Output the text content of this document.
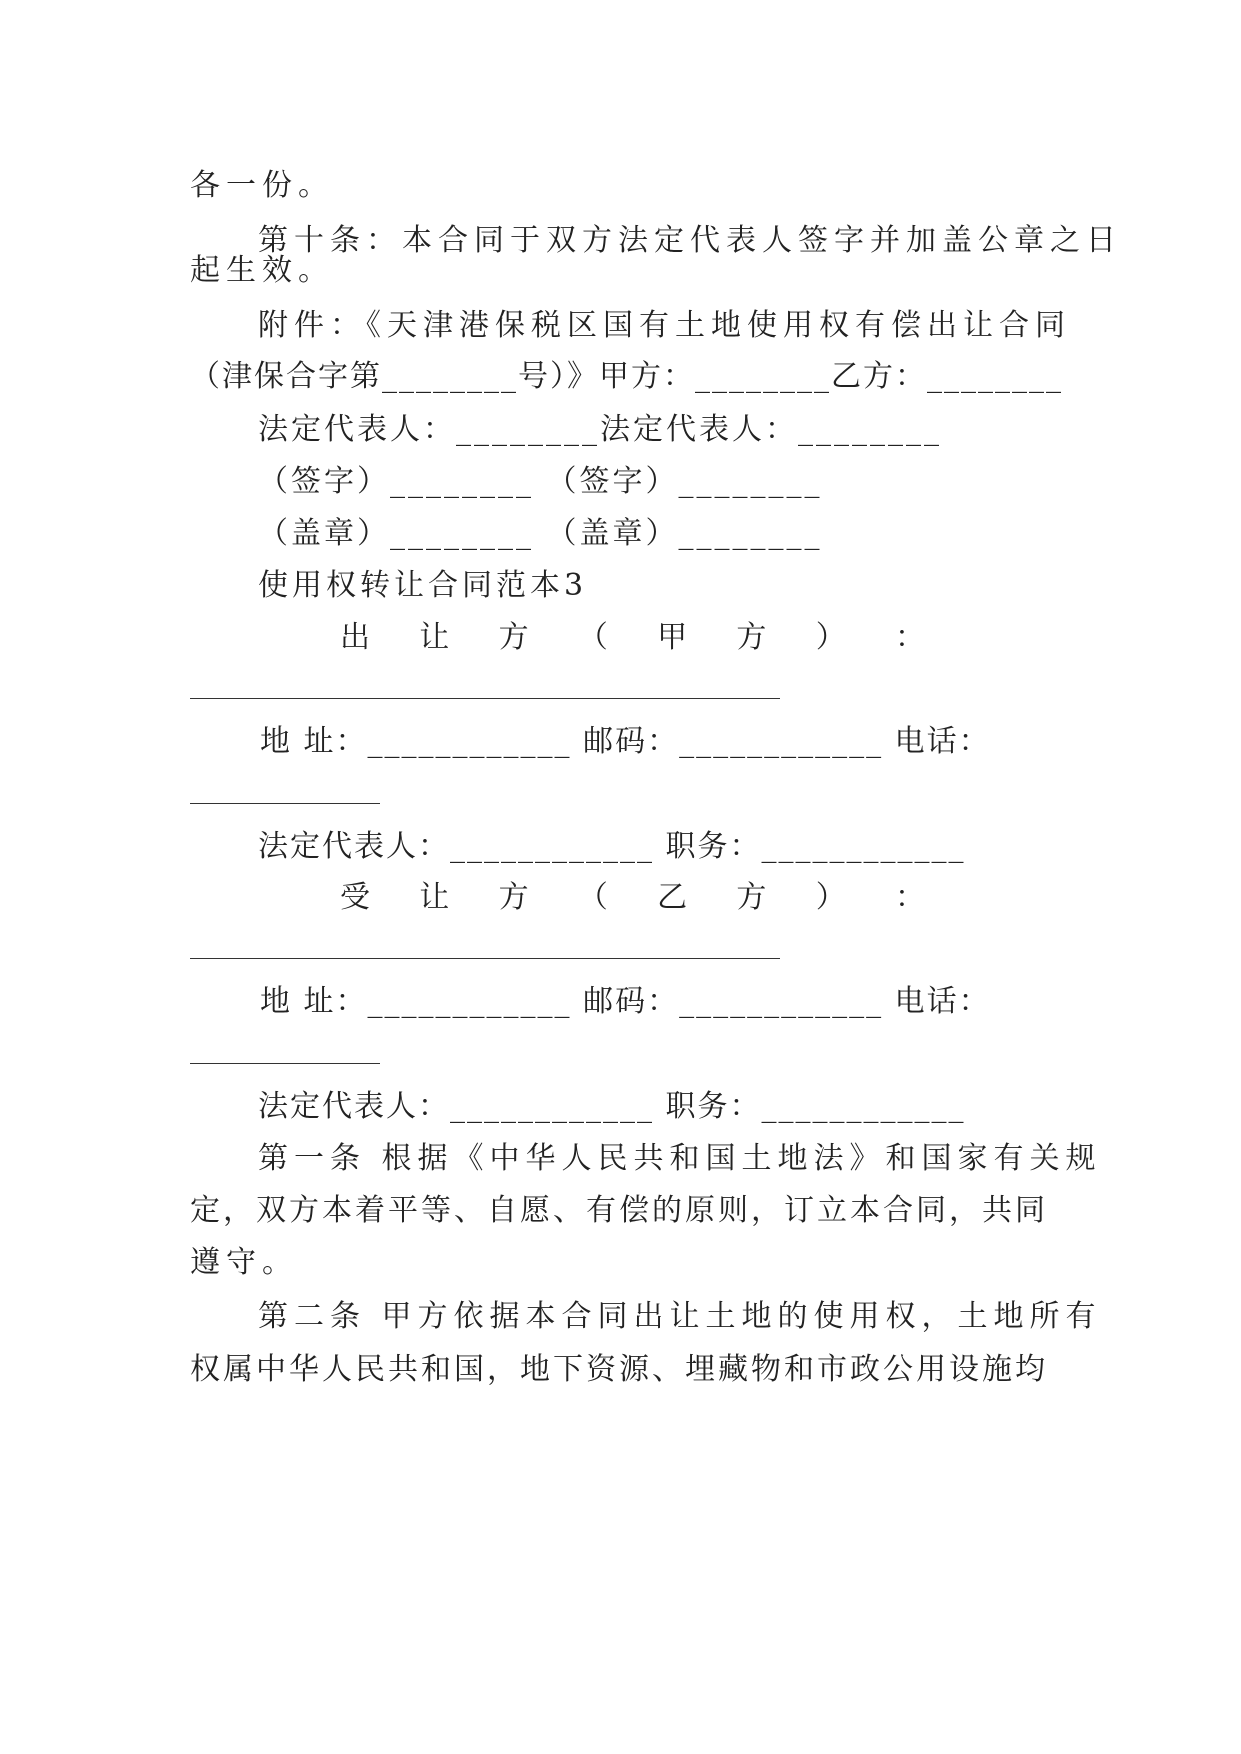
各一份。
第十条：本合同于双方法定代表人签字并加盖公章之日
起生效。
附件：《天津港保税区国有土地使用权有偿出让合同
（津保合字第________号）》甲方：________乙方：________
法定代表人：________法定代表人：________
（签字）________ （签字）________
（盖章）________ （盖章）________
使用权转让合同范本3
出 让 方 （ 甲 方 ） ：
地 址：____________ 邮码：____________ 电话：
法定代表人：____________ 职务：____________
受 让 方 （ 乙 方 ） ：
地 址：____________ 邮码：____________ 电话：
法定代表人：____________ 职务：____________
第一条 根据《中华人民共和国土地法》和国家有关规
定，双方本着平等、自愿、有偿的原则，订立本合同，共同
遵守。
第二条 甲方依据本合同出让土地的使用权，土地所有
权属中华人民共和国，地下资源、埋藏物和市政公用设施均
